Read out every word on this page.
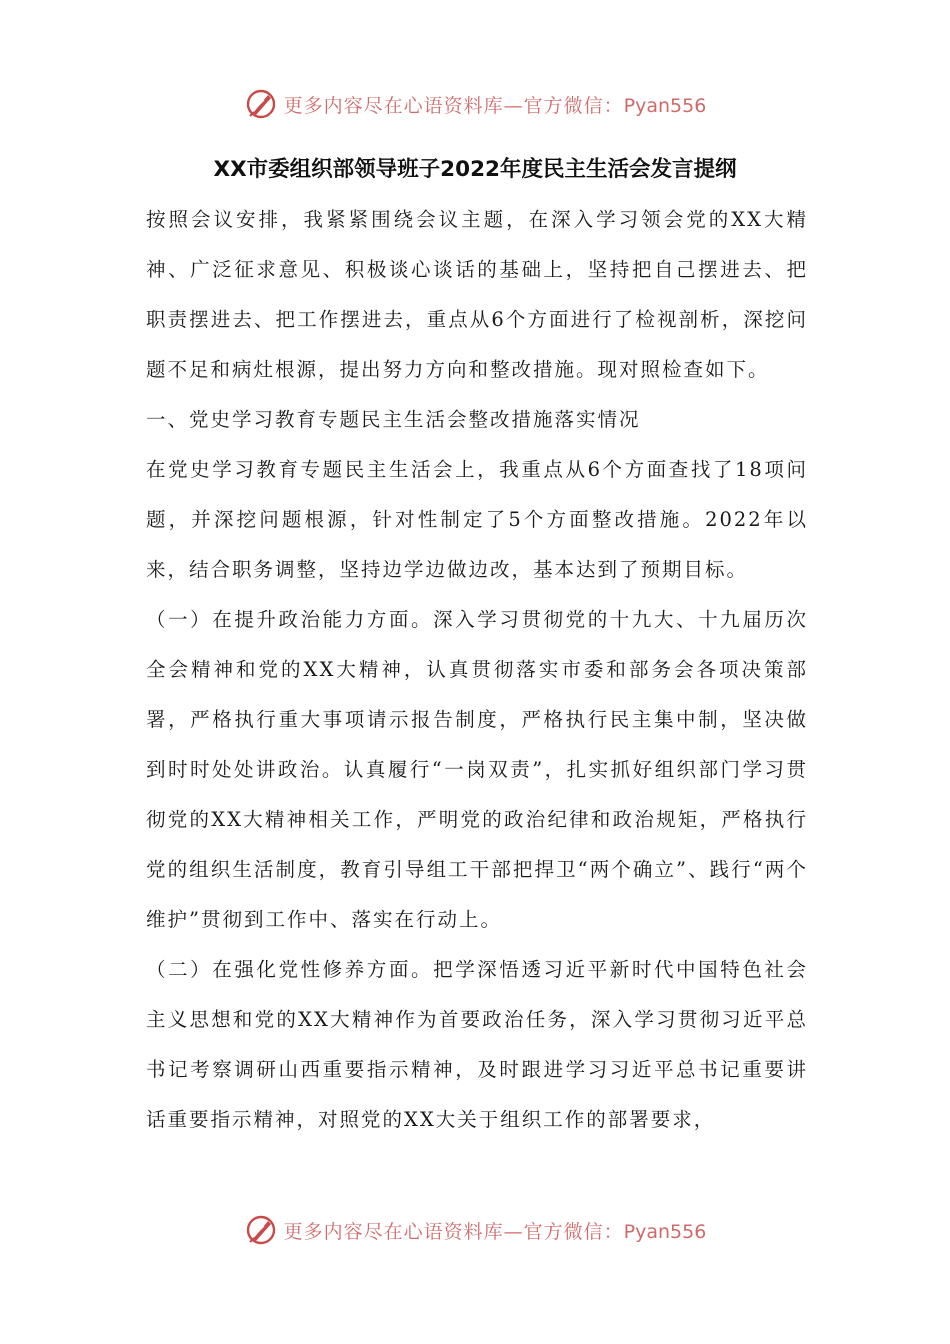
更多内容尽在心语资料库—官方微信：Pyan556
XX市委组织部领导班子2022年度民主生活会发言提纲

按照会议安排，我紧紧围绕会议主题，在深入学习领会党的XX大精神、广泛征求意见、积极谈心谈话的基础上，坚持把自己摆进去、把职责摆进去、把工作摆进去，重点从6个方面进行了检视剖析，深挖问题不足和病灶根源，提出努力方向和整改措施。现对照检查如下。

一、党史学习教育专题民主生活会整改措施落实情况

在党史学习教育专题民主生活会上，我重点从6个方面查找了18项问题，并深挖问题根源，针对性制定了5个方面整改措施。2022年以来，结合职务调整，坚持边学边做边改，基本达到了预期目标。

（一）在提升政治能力方面。深入学习贯彻党的十九大、十九届历次全会精神和党的XX大精神，认真贯彻落实市委和部务会各项决策部署，严格执行重大事项请示报告制度，严格执行民主集中制，坚决做到时时处处讲政治。认真履行“一岗双责”，扎实抓好组织部门学习贯彻党的XX大精神相关工作，严明党的政治纪律和政治规矩，严格执行党的组织生活制度，教育引导组工干部把捍卫“两个确立”、践行“两个维护”贯彻到工作中、落实在行动上。

（二）在强化党性修养方面。把学深悟透习近平新时代中国特色社会主义思想和党的XX大精神作为首要政治任务，深入学习贯彻习近平总书记考察调研山西重要指示精神，及时跟进学习习近平总书记重要讲话重要指示精神，对照党的XX大关于组织工作的部署要求，

更多内容尽在心语资料库—官方微信：Pyan556
